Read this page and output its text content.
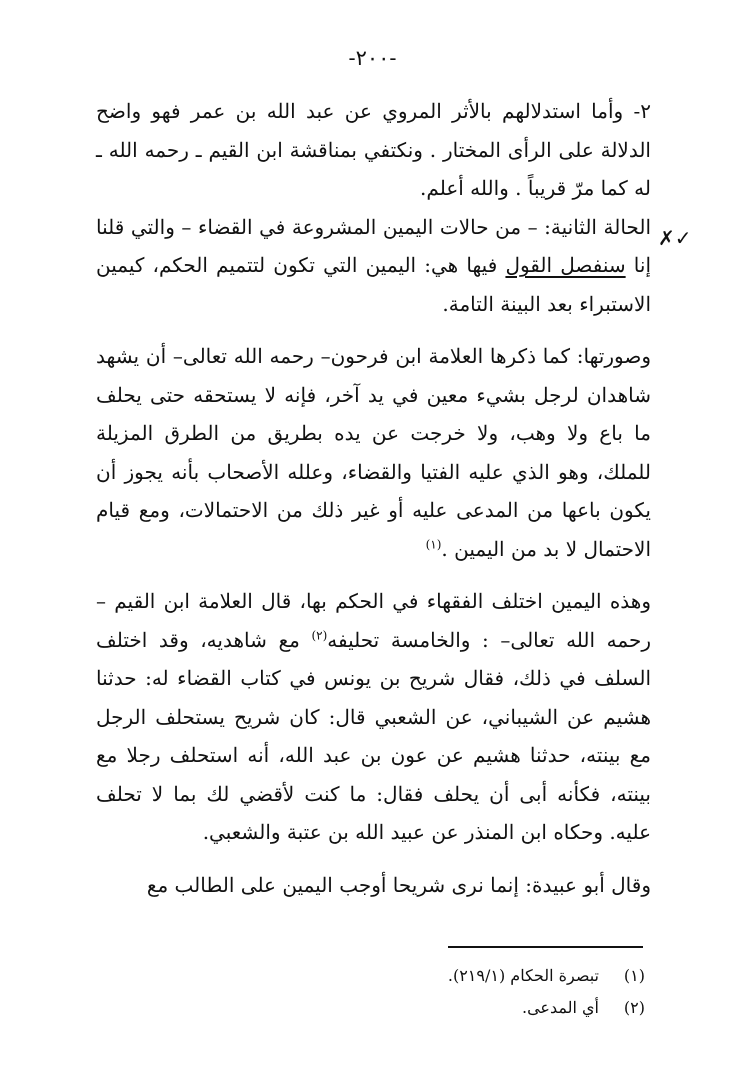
-٢٠٠-
✓✗

٢- وأما استدلالهم بالأثر المروي عن عبد الله بن عمر فهو واضح الدلالة على الرأى المختار . ونكتفي بمناقشة ابن القيم ـ رحمه الله ـ له كما مرّ قريباً . والله أعلم.

الحالة الثانية: – من حالات اليمين المشروعة في القضاء – والتي قلنا إنا سنفصل القول فيها هي: اليمين التي تكون لتتميم الحكم، كيمين الاستبراء بعد البينة التامة.

وصورتها: كما ذكرها العلامة ابن فرحون– رحمه الله تعالى– أن يشهد شاهدان لرجل بشيء معين في يد آخر، فإنه لا يستحقه حتى يحلف ما باع ولا وهب، ولا خرجت عن يده بطريق من الطرق المزيلة للملك، وهو الذي عليه الفتيا والقضاء، وعلله الأصحاب بأنه يجوز أن يكون باعها من المدعى عليه أو غير ذلك من الاحتمالات، ومع قيام الاحتمال لا بد من اليمين .$^{(١)}$

وهذه اليمين اختلف الفقهاء في الحكم بها، قال العلامة ابن القيم – رحمه الله تعالى– : والخامسة تحليفه$^{(٢)}$ مع شاهديه، وقد اختلف السلف في ذلك، فقال شريح بن يونس في كتاب القضاء له: حدثنا هشيم عن الشيباني، عن الشعبي قال: كان شريح يستحلف الرجل مع بينته، حدثنا هشيم عن عون بن عبد الله، أنه استحلف رجلا مع بينته، فكأنه أبى أن يحلف فقال: ما كنت لأقضي لك بما لا تحلف عليه. وحكاه ابن المنذر عن عبيد الله بن عتبة والشعبي.

وقال أبو عبيدة: إنما نرى شريحا أوجب اليمين على الطالب مع

(١)
تبصرة الحكام (٢١٩/١).
(٢)
أي المدعى.
